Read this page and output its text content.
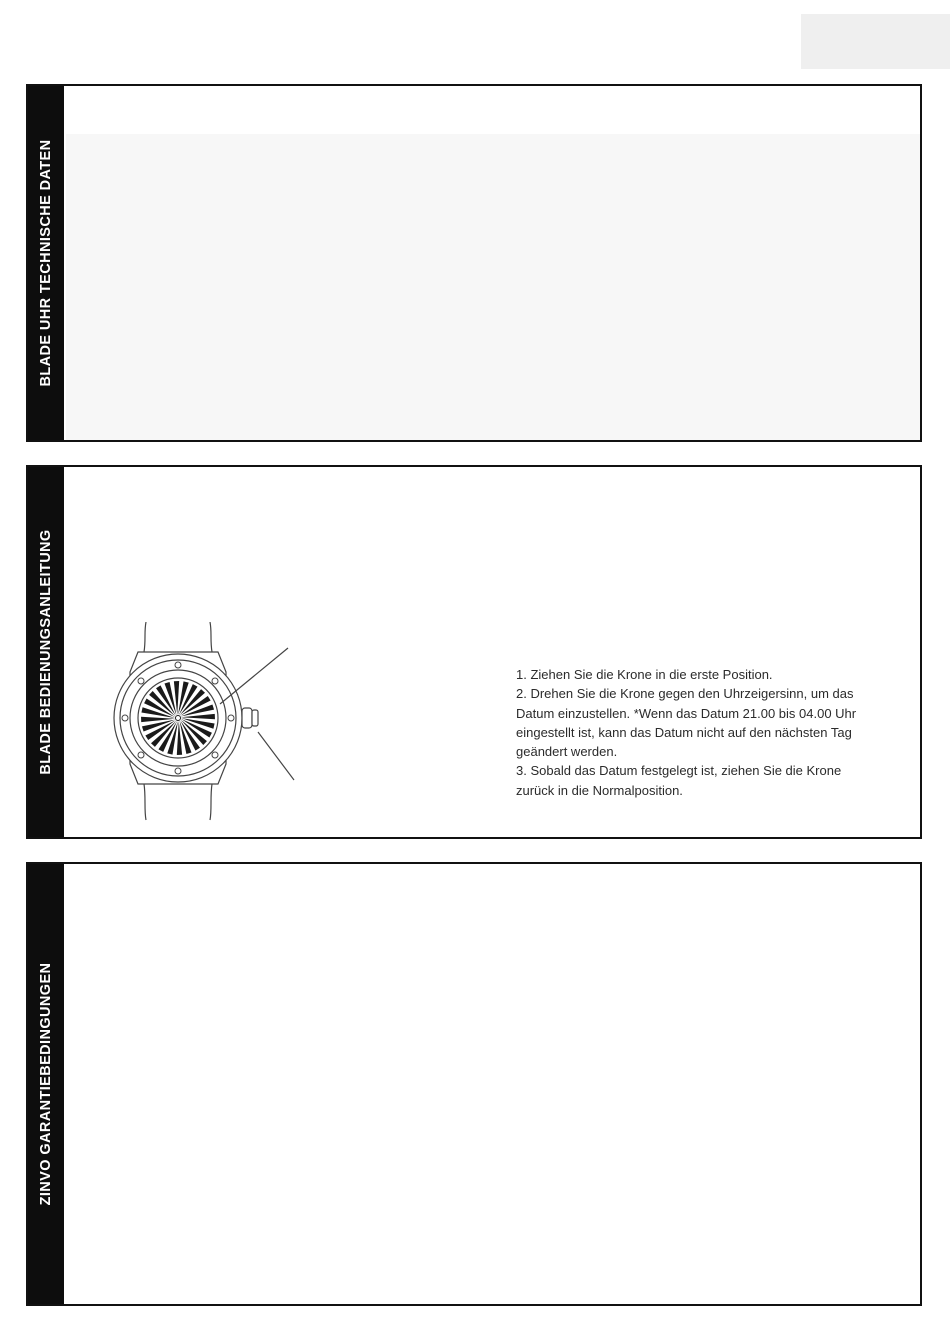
BLADE UHR TECHNISCHE DATEN
BLADE BEDIENUNGSANLEITUNG	1. Ziehen Sie die Krone in die erste Position.

2. Drehen Sie die Krone gegen den Uhrzeigersinn, um das Datum einzustellen. *Wenn das Datum 21.00 bis 04.00 Uhr eingestellt ist, kann das Datum nicht auf den nächsten Tag geändert werden.

3. Sobald das Datum festgelegt ist, ziehen Sie die Krone zurück in die Normalposition.

ZINVO GARANTIEBEDINGUNGEN
